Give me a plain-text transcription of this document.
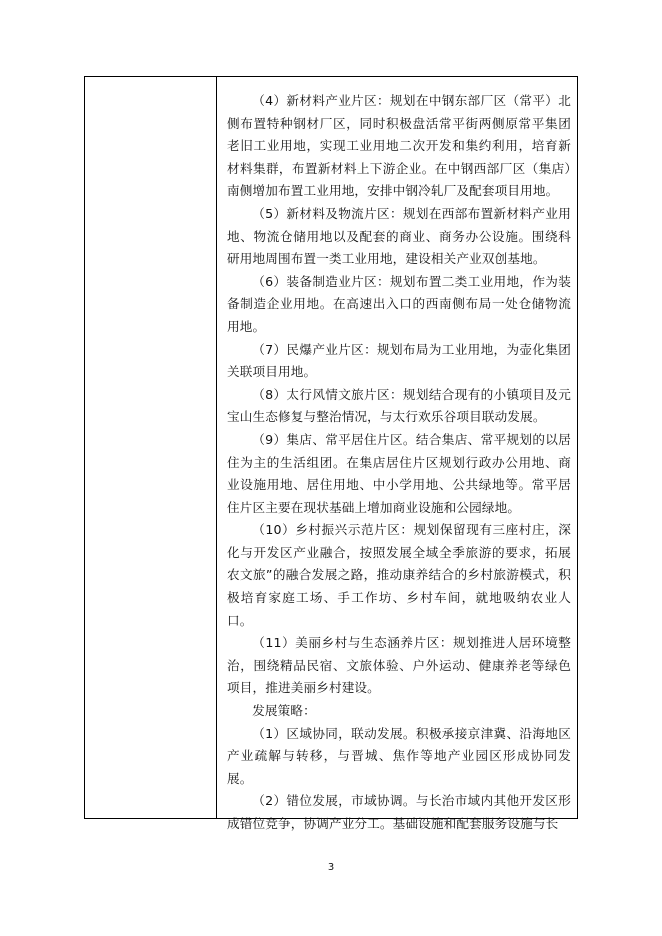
（4）新材料产业片区：规划在中钢东部厂区（常平）北侧布置特种钢材厂区，同时积极盘活常平街两侧原常平集团老旧工业用地，实现工业用地二次开发和集约利用，培育新材料集群，布置新材料上下游企业。在中钢西部厂区（集店）南侧增加布置工业用地，安排中钢冷轧厂及配套项目用地。

（5）新材料及物流片区：规划在西部布置新材料产业用地、物流仓储用地以及配套的商业、商务办公设施。围绕科研用地周围布置一类工业用地，建设相关产业双创基地。

（6）装备制造业片区：规划布置二类工业用地，作为装备制造企业用地。在高速出入口的西南侧布局一处仓储物流用地。

（7）民爆产业片区：规划布局为工业用地，为壶化集团关联项目用地。

（8）太行风情文旅片区：规划结合现有的小镇项目及元宝山生态修复与整治情况，与太行欢乐谷项目联动发展。

（9）集店、常平居住片区。结合集店、常平规划的以居住为主的生活组团。在集店居住片区规划行政办公用地、商业设施用地、居住用地、中小学用地、公共绿地等。常平居住片区主要在现状基础上增加商业设施和公园绿地。

（10）乡村振兴示范片区：规划保留现有三座村庄，深化与开发区产业融合，按照发展全域全季旅游的要求，拓展农文旅”的融合发展之路，推动康养结合的乡村旅游模式，积极培育家庭工场、手工作坊、乡村车间，就地吸纳农业人口。

（11）美丽乡村与生态涵养片区：规划推进人居环境整治，围绕精品民宿、文旅体验、户外运动、健康养老等绿色项目，推进美丽乡村建设。

发展策略：

（1）区域协同，联动发展。积极承接京津冀、沿海地区产业疏解与转移，与晋城、焦作等地产业园区形成协同发展。

（2）错位发展，市域协调。与长治市域内其他开发区形成错位竞争，协调产业分工。基础设施和配套服务设施与长

3
